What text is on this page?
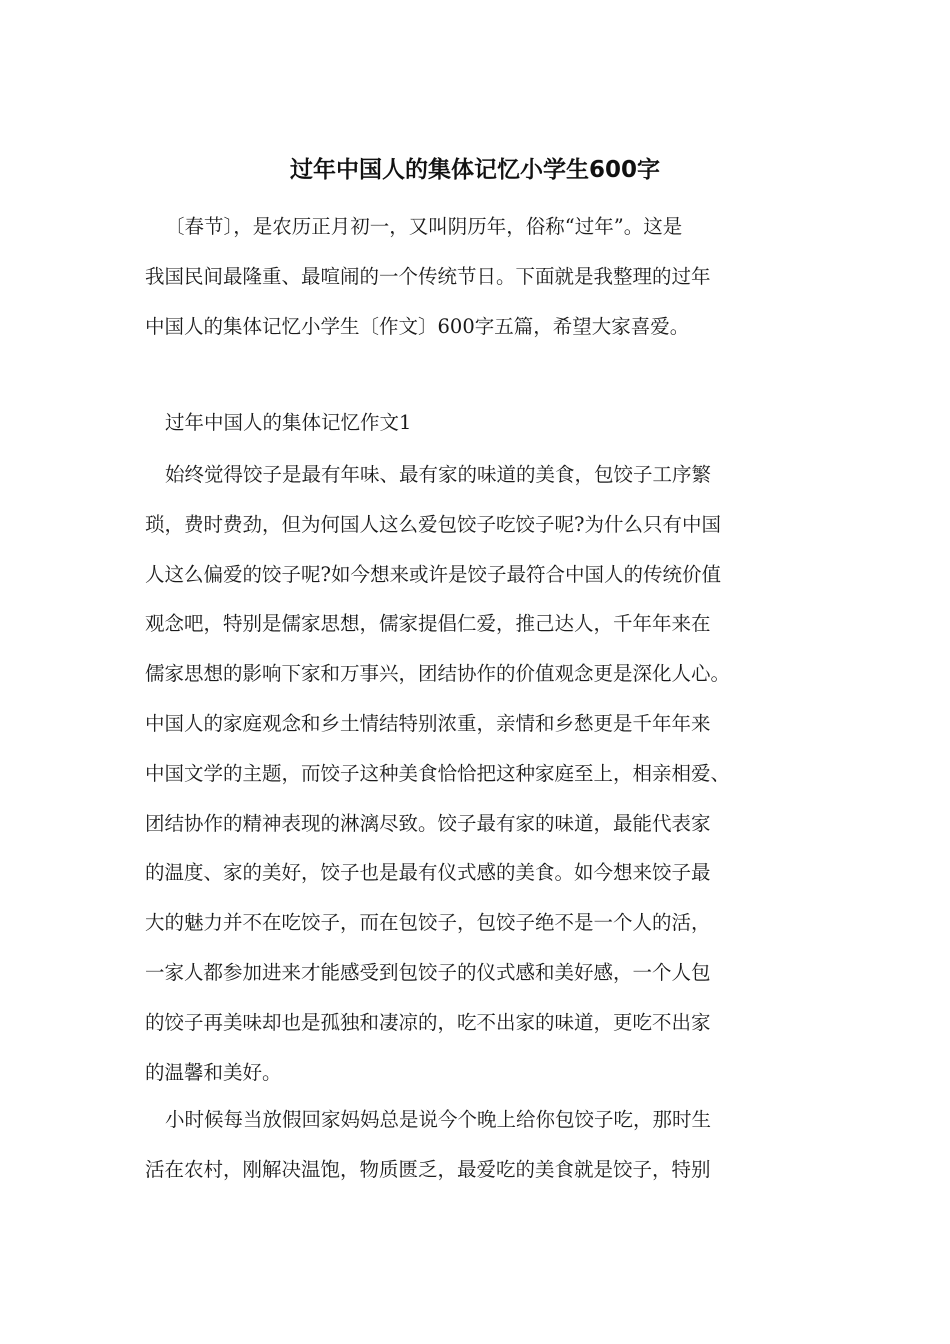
过年中国人的集体记忆小学生600字
〔春节〕，是农历正月初一，又叫阴历年，俗称“过年”。这是
我国民间最隆重、最喧闹的一个传统节日。下面就是我整理的过年
中国人的集体记忆小学生〔作文〕600字五篇，希望大家喜爱。
过年中国人的集体记忆作文1
始终觉得饺子是最有年味、最有家的味道的美食，包饺子工序繁
琐，费时费劲，但为何国人这么爱包饺子吃饺子呢?为什么只有中国
人这么偏爱的饺子呢?如今想来或许是饺子最符合中国人的传统价值
观念吧，特别是儒家思想，儒家提倡仁爱，推己达人，千年年来在
儒家思想的影响下家和万事兴，团结协作的价值观念更是深化人心。
中国人的家庭观念和乡土情结特别浓重，亲情和乡愁更是千年年来
中国文学的主题，而饺子这种美食恰恰把这种家庭至上，相亲相爱、
团结协作的精神表现的淋漓尽致。饺子最有家的味道，最能代表家
的温度、家的美好，饺子也是最有仪式感的美食。如今想来饺子最
大的魅力并不在吃饺子，而在包饺子，包饺子绝不是一个人的活，
一家人都参加进来才能感受到包饺子的仪式感和美好感，一个人包
的饺子再美味却也是孤独和凄凉的，吃不出家的味道，更吃不出家
的温馨和美好。
小时候每当放假回家妈妈总是说今个晚上给你包饺子吃，那时生
活在农村，刚解决温饱，物质匮乏，最爱吃的美食就是饺子，特别
